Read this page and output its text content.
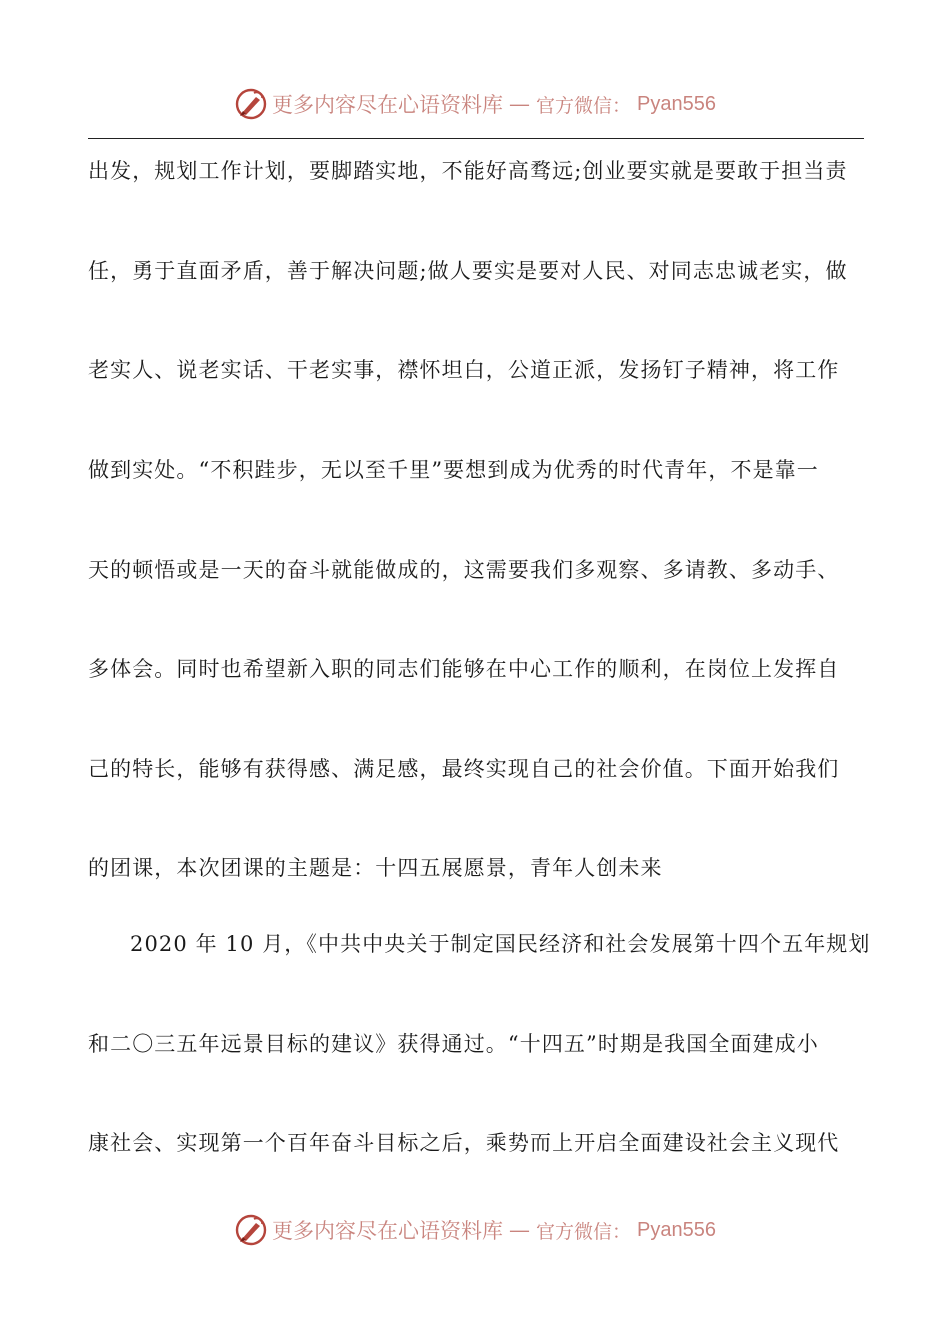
更多内容尽在心语资料库 — 官方微信： Pyan556
出发，规划工作计划，要脚踏实地，不能好高骛远;创业要实就是要敢于担当责
任，勇于直面矛盾，善于解决问题;做人要实是要对人民、对同志忠诚老实，做
老实人、说老实话、干老实事，襟怀坦白，公道正派，发扬钉子精神，将工作
做到实处。“不积跬步，无以至千里”要想到成为优秀的时代青年，不是靠一
天的顿悟或是一天的奋斗就能做成的，这需要我们多观察、多请教、多动手、
多体会。同时也希望新入职的同志们能够在中心工作的顺利，在岗位上发挥自
己的特长，能够有获得感、满足感，最终实现自己的社会价值。下面开始我们
的团课，本次团课的主题是：十四五展愿景，青年人创未来
2020 年 10 月，《中共中央关于制定国民经济和社会发展第十四个五年规划
和二〇三五年远景目标的建议》获得通过。“十四五”时期是我国全面建成小
康社会、实现第一个百年奋斗目标之后，乘势而上开启全面建设社会主义现代
更多内容尽在心语资料库 — 官方微信： Pyan556
